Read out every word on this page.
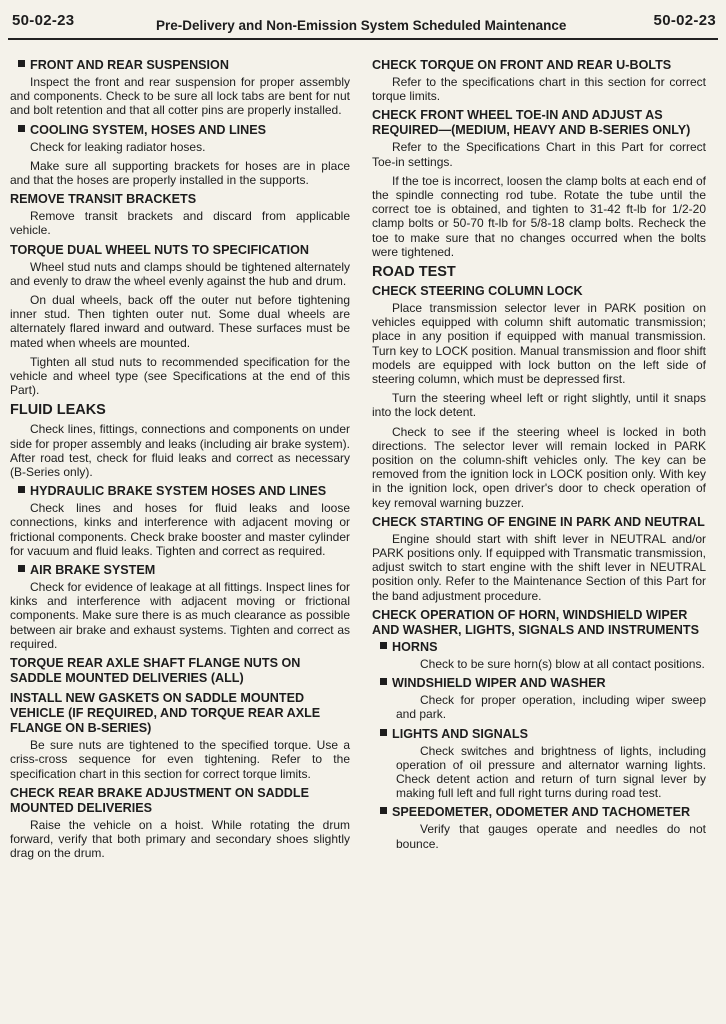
50-02-23	Pre-Delivery and Non-Emission System Scheduled Maintenance	50-02-23
FRONT AND REAR SUSPENSION

Inspect the front and rear suspension for proper assembly and components. Check to be sure all lock tabs are bent for nut and bolt retention and that all cotter pins are properly installed.

COOLING SYSTEM, HOSES AND LINES

Check for leaking radiator hoses.

Make sure all supporting brackets for hoses are in place and that the hoses are properly installed in the supports.

REMOVE TRANSIT BRACKETS

Remove transit brackets and discard from applicable vehicle.

TORQUE DUAL WHEEL NUTS TO SPECIFICATION

Wheel stud nuts and clamps should be tightened alternately and evenly to draw the wheel evenly against the hub and drum.

On dual wheels, back off the outer nut before tightening inner stud. Then tighten outer nut. Some dual wheels are alternately flared inward and outward. These surfaces must be mated when wheels are mounted.

Tighten all stud nuts to recommended specification for the vehicle and wheel type (see Specifications at the end of this Part).

FLUID LEAKS

Check lines, fittings, connections and components on under side for proper assembly and leaks (including air brake system). After road test, check for fluid leaks and correct as necessary (B-Series only).

HYDRAULIC BRAKE SYSTEM HOSES AND LINES

Check lines and hoses for fluid leaks and loose connections, kinks and interference with adjacent moving or frictional components. Check brake booster and master cylinder for vacuum and fluid leaks. Tighten and correct as required.

AIR BRAKE SYSTEM

Check for evidence of leakage at all fittings. Inspect lines for kinks and interference with adjacent moving or frictional components. Make sure there is as much clearance as possible between air brake and exhaust systems. Tighten and correct as required.

TORQUE REAR AXLE SHAFT FLANGE NUTS ON SADDLE MOUNTED DELIVERIES (ALL)
INSTALL NEW GASKETS ON SADDLE MOUNTED VEHICLE (IF REQUIRED, AND TORQUE REAR AXLE FLANGE ON B-SERIES)

Be sure nuts are tightened to the specified torque. Use a criss-cross sequence for even tightening. Refer to the specification chart in this section for correct torque limits.

CHECK REAR BRAKE ADJUSTMENT ON SADDLE MOUNTED DELIVERIES

Raise the vehicle on a hoist. While rotating the drum forward, verify that both primary and secondary shoes slightly drag on the drum.

CHECK TORQUE ON FRONT AND REAR U-BOLTS

Refer to the specifications chart in this section for correct torque limits.

CHECK FRONT WHEEL TOE-IN AND ADJUST AS REQUIRED—(MEDIUM, HEAVY AND B-SERIES ONLY)

Refer to the Specifications Chart in this Part for correct Toe-in settings.

If the toe is incorrect, loosen the clamp bolts at each end of the spindle connecting rod tube. Rotate the tube until the correct toe is obtained, and tighten to 31-42 ft-lb for 1/2-20 clamp bolts or 50-70 ft-lb for 5/8-18 clamp bolts. Recheck the toe to make sure that no changes occurred when the bolts were tightened.

ROAD TEST
CHECK STEERING COLUMN LOCK

Place transmission selector lever in PARK position on vehicles equipped with column shift automatic transmission; place in any position if equipped with manual transmission. Turn key to LOCK position. Manual transmission and floor shift models are equipped with lock button on the left side of steering column, which must be depressed first.

Turn the steering wheel left or right slightly, until it snaps into the lock detent.

Check to see if the steering wheel is locked in both directions. The selector lever will remain locked in PARK position on the column-shift vehicles only. The key can be removed from the ignition lock in LOCK position only. With key in the ignition lock, open driver's door to check operation of key removal warning buzzer.

CHECK STARTING OF ENGINE IN PARK AND NEUTRAL

Engine should start with shift lever in NEUTRAL and/or PARK positions only. If equipped with Transmatic transmission, adjust switch to start engine with the shift lever in NEUTRAL position only. Refer to the Maintenance Section of this Part for the band adjustment procedure.

CHECK OPERATION OF HORN, WINDSHIELD WIPER AND WASHER, LIGHTS, SIGNALS AND INSTRUMENTS
HORNS

Check to be sure horn(s) blow at all contact positions.

WINDSHIELD WIPER AND WASHER

Check for proper operation, including wiper sweep and park.

LIGHTS AND SIGNALS

Check switches and brightness of lights, including operation of oil pressure and alternator warning lights. Check detent action and return of turn signal lever by making full left and full right turns during road test.

SPEEDOMETER, ODOMETER AND TACHOMETER

Verify that gauges operate and needles do not bounce.
